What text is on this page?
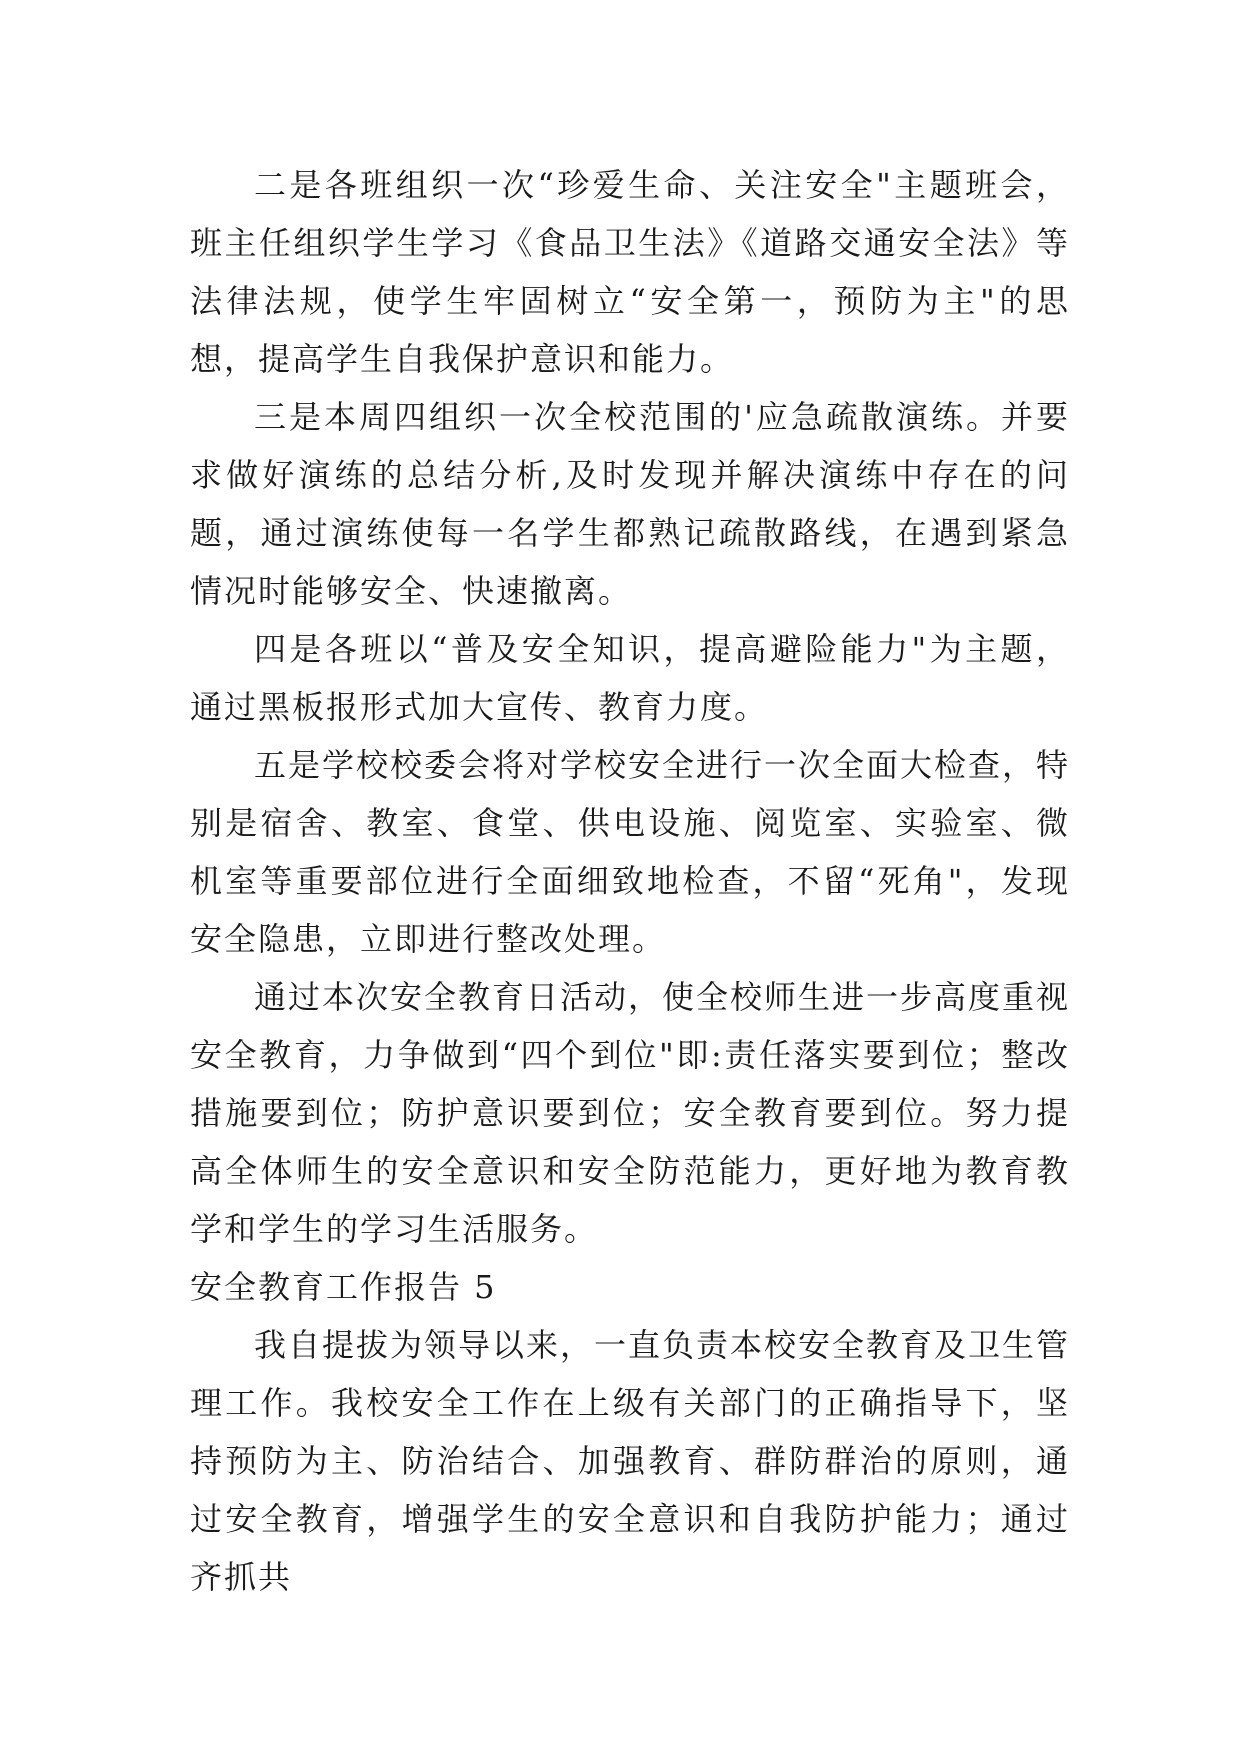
二是各班组织一次“珍爱生命、关注安全"主题班会，班主任组织学生学习《食品卫生法》《道路交通安全法》等法律法规，使学生牢固树立“安全第一，预防为主"的思想，提高学生自我保护意识和能力。

三是本周四组织一次全校范围的'应急疏散演练。并要求做好演练的总结分析,及时发现并解决演练中存在的问题，通过演练使每一名学生都熟记疏散路线，在遇到紧急情况时能够安全、快速撤离。

四是各班以“普及安全知识，提高避险能力"为主题，通过黑板报形式加大宣传、教育力度。

五是学校校委会将对学校安全进行一次全面大检查，特别是宿舍、教室、食堂、供电设施、阅览室、实验室、微机室等重要部位进行全面细致地检查，不留“死角"，发现安全隐患，立即进行整改处理。

通过本次安全教育日活动，使全校师生进一步高度重视安全教育，力争做到“四个到位"即:责任落实要到位；整改措施要到位；防护意识要到位；安全教育要到位。努力提高全体师生的安全意识和安全防范能力，更好地为教育教学和学生的学习生活服务。

安全教育工作报告 5

我自提拔为领导以来，一直负责本校安全教育及卫生管理工作。我校安全工作在上级有关部门的正确指导下，坚持预防为主、防治结合、加强教育、群防群治的原则，通过安全教育，增强学生的安全意识和自我防护能力；通过齐抓共
